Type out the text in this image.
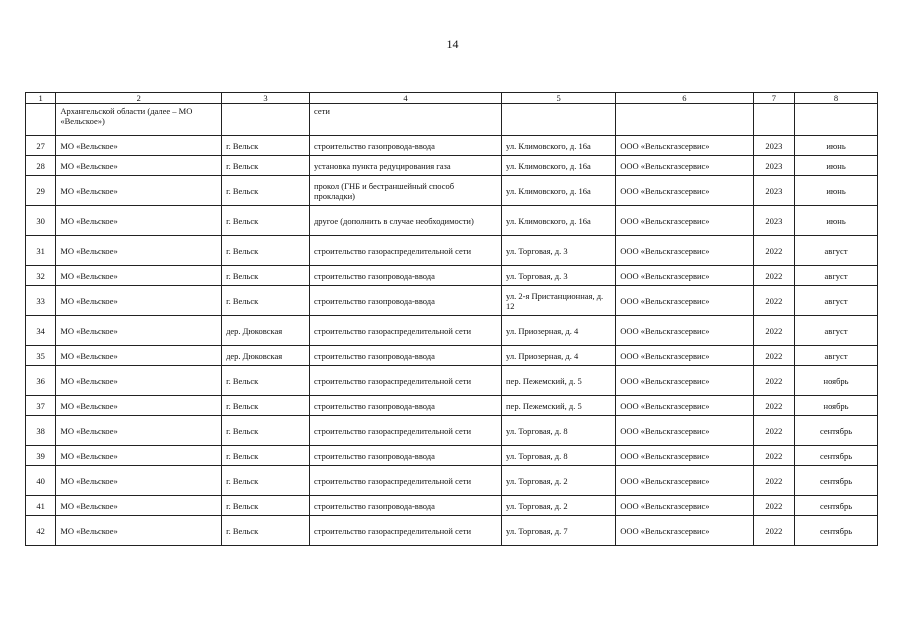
14
1	2	3	4	5	6	7	8
	Архангельской области (далее – МО «Вельское»)		сети				
27	МО «Вельское»	г. Вельск	строительство газопровода-ввода	ул. Климовского, д. 16а	ООО «Вельскгазсервис»	2023	июнь
28	МО «Вельское»	г. Вельск	установка пункта редуцирования газа	ул. Климовского, д. 16а	ООО «Вельскгазсервис»	2023	июнь
29	МО «Вельское»	г. Вельск	прокол (ГНБ и бестраншейный способ прокладки)	ул. Климовского, д. 16а	ООО «Вельскгазсервис»	2023	июнь
30	МО «Вельское»	г. Вельск	другое (дополнить в случае необходимости)	ул. Климовского, д. 16а	ООО «Вельскгазсервис»	2023	июнь
31	МО «Вельское»	г. Вельск	строительство газораспределительной сети	ул. Торговая, д. 3	ООО «Вельскгазсервис»	2022	август
32	МО «Вельское»	г. Вельск	строительство газопровода-ввода	ул. Торговая, д. 3	ООО «Вельскгазсервис»	2022	август
33	МО «Вельское»	г. Вельск	строительство газопровода-ввода	ул. 2-я Пристанционная, д. 12	ООО «Вельскгазсервис»	2022	август
34	МО «Вельское»	дер. Дюковская	строительство газораспределительной сети	ул. Приозерная, д. 4	ООО «Вельскгазсервис»	2022	август
35	МО «Вельское»	дер. Дюковская	строительство газопровода-ввода	ул. Приозерная, д. 4	ООО «Вельскгазсервис»	2022	август
36	МО «Вельское»	г. Вельск	строительство газораспределительной сети	пер. Пежемский, д. 5	ООО «Вельскгазсервис»	2022	ноябрь
37	МО «Вельское»	г. Вельск	строительство газопровода-ввода	пер. Пежемский, д. 5	ООО «Вельскгазсервис»	2022	ноябрь
38	МО «Вельское»	г. Вельск	строительство газораспределительной сети	ул. Торговая, д. 8	ООО «Вельскгазсервис»	2022	сентябрь
39	МО «Вельское»	г. Вельск	строительство газопровода-ввода	ул. Торговая, д. 8	ООО «Вельскгазсервис»	2022	сентябрь
40	МО «Вельское»	г. Вельск	строительство газораспределительной сети	ул. Торговая, д. 2	ООО «Вельскгазсервис»	2022	сентябрь
41	МО «Вельское»	г. Вельск	строительство газопровода-ввода	ул. Торговая, д. 2	ООО «Вельскгазсервис»	2022	сентябрь
42	МО «Вельское»	г. Вельск	строительство газораспределительной сети	ул. Торговая, д. 7	ООО «Вельскгазсервис»	2022	сентябрь
